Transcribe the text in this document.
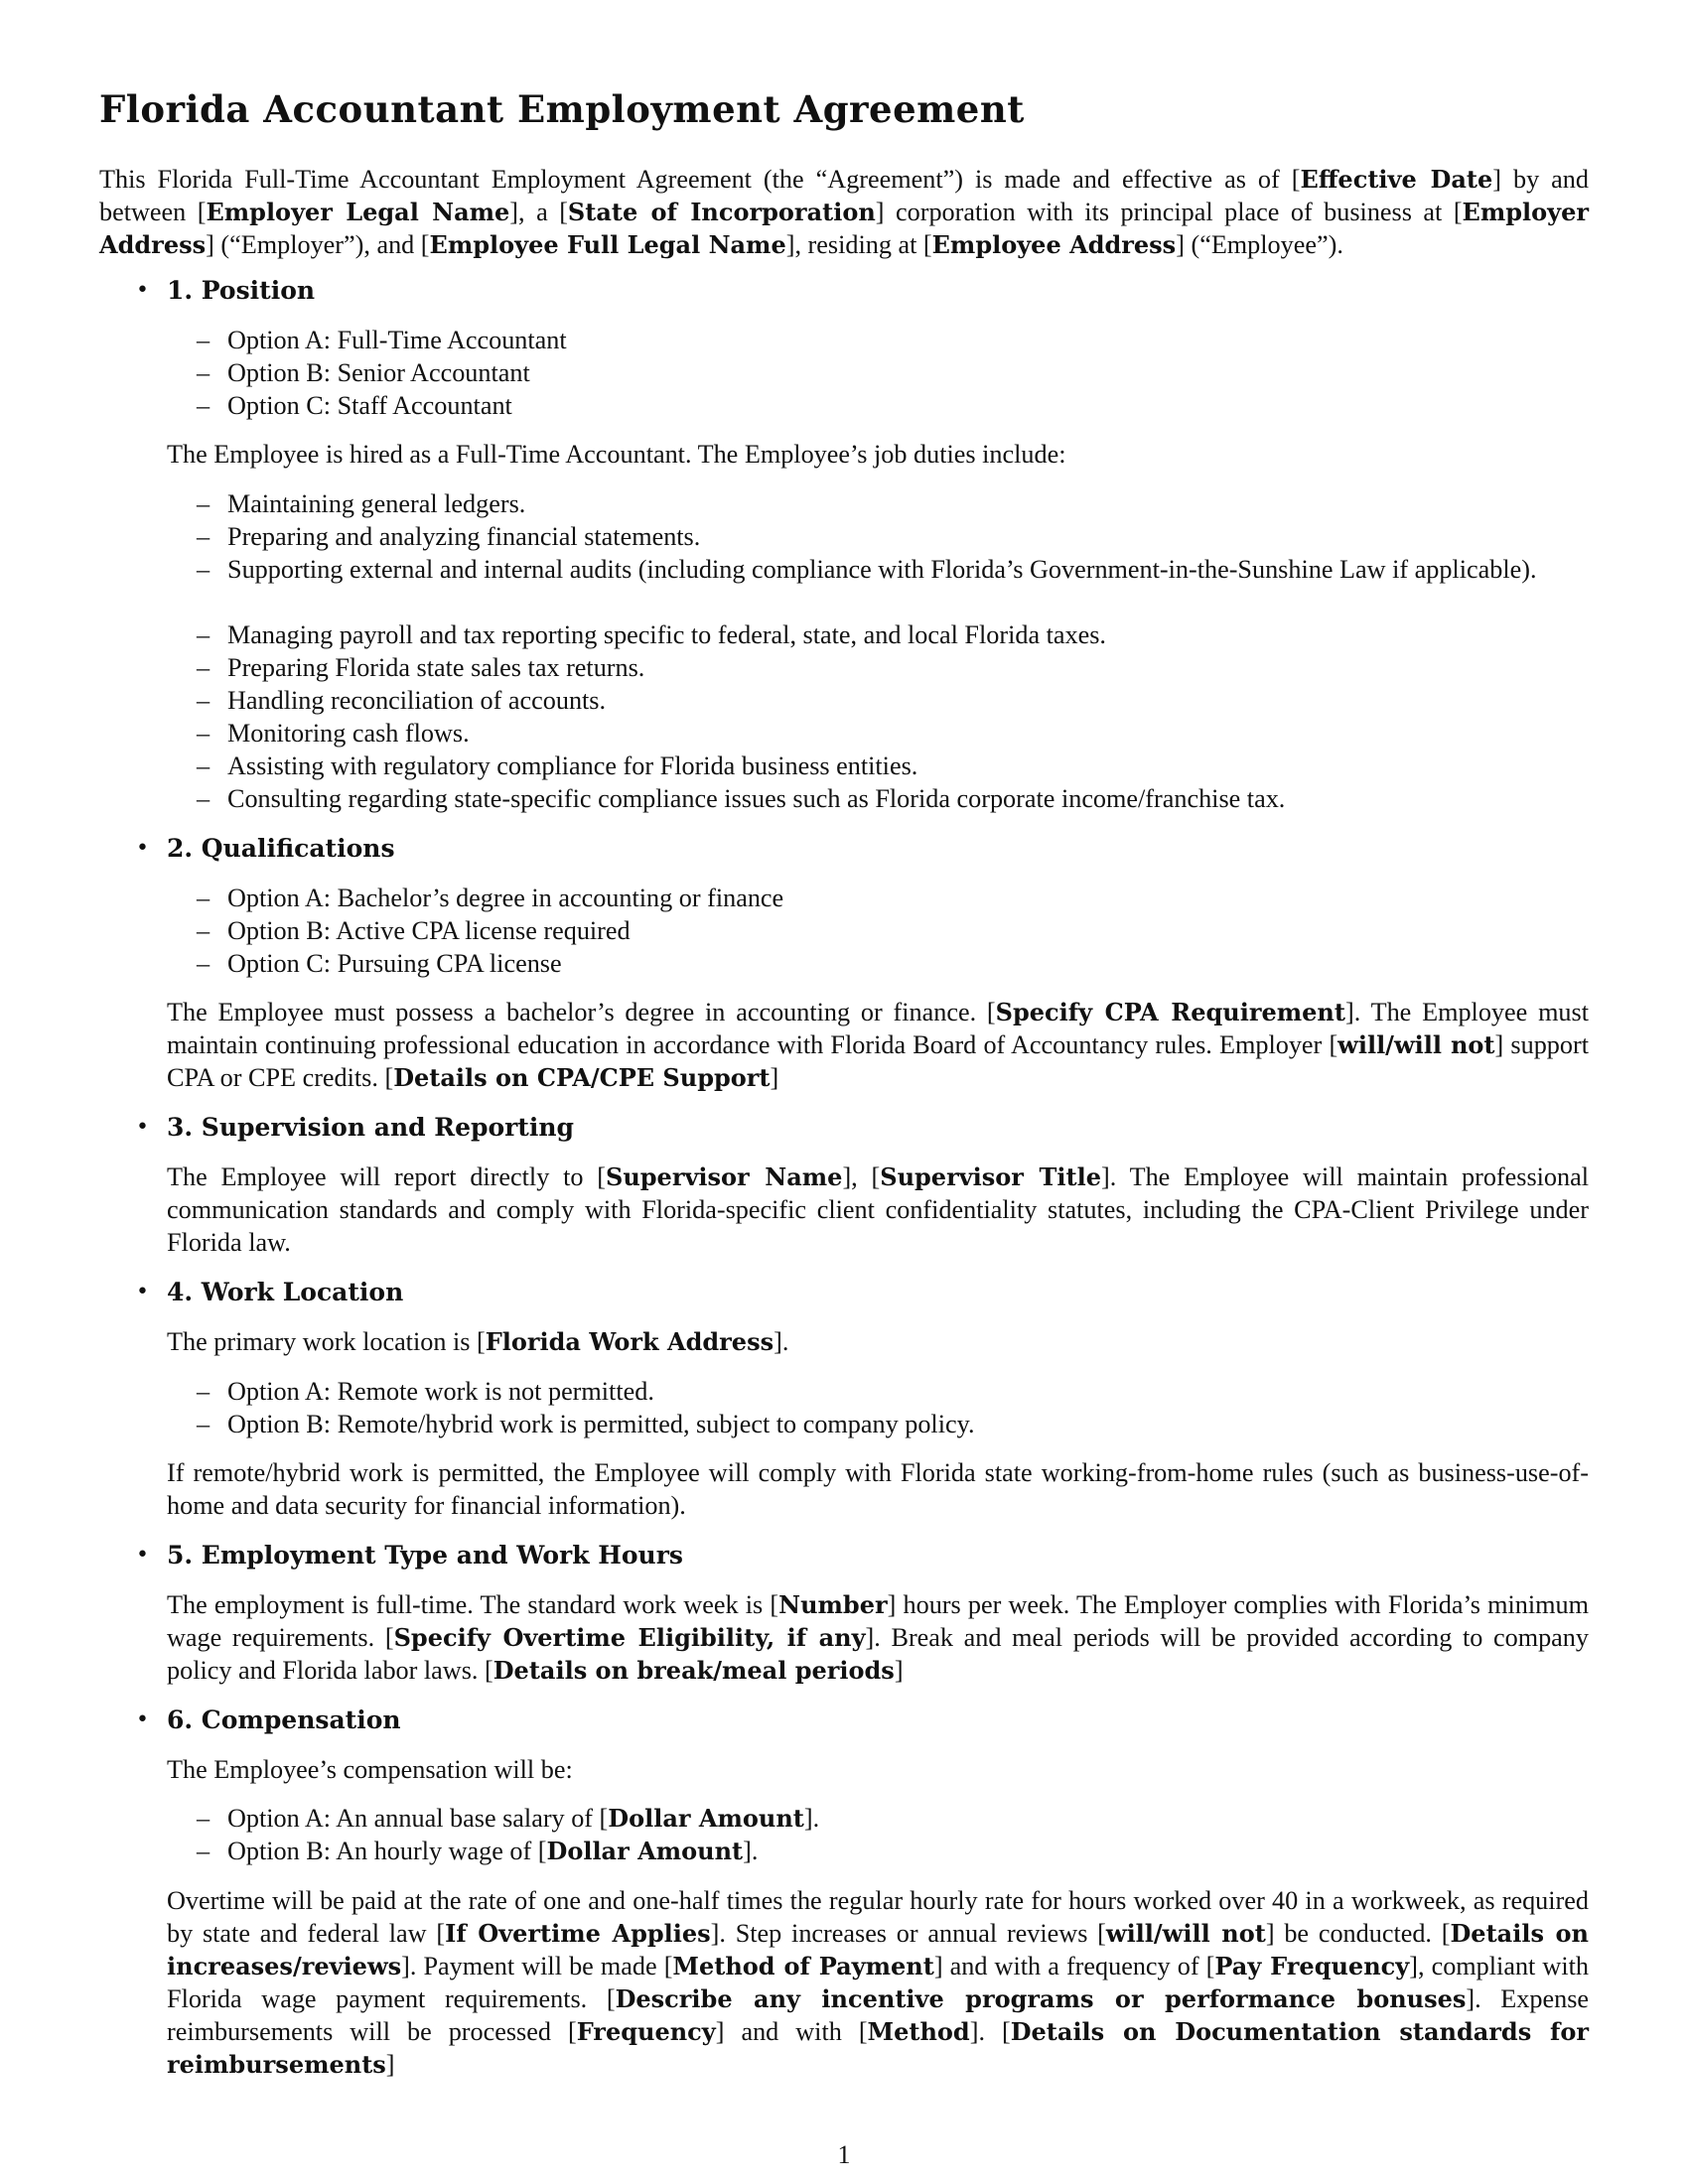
Florida Accountant Employment Agreement

This Florida Full-Time Accountant Employment Agreement (the “Agreement”) is made and effective as of [Effective Date] by and between [Employer Legal Name], a [State of Incorporation] corporation with its principal place of business at [Employer Address] (“Employer”), and [Employee Full Legal Name], residing at [Employee Address] (“Employee”).

• 1. Position
– Option A: Full-Time Accountant
– Option B: Senior Accountant
– Option C: Staff Accountant

The Employee is hired as a Full-Time Accountant. The Employee’s job duties include:

– Maintaining general ledgers.
– Preparing and analyzing financial statements.
– Supporting external and internal audits (including compliance with Florida’s Government-in-the-Sunshine Law if applicable).
– Managing payroll and tax reporting specific to federal, state, and local Florida taxes.
– Preparing Florida state sales tax returns.
– Handling reconciliation of accounts.
– Monitoring cash flows.
– Assisting with regulatory compliance for Florida business entities.
– Consulting regarding state-specific compliance issues such as Florida corporate income/franchise tax.
• 2. Qualifications
– Option A: Bachelor’s degree in accounting or finance
– Option B: Active CPA license required
– Option C: Pursuing CPA license

The Employee must possess a bachelor’s degree in accounting or finance. [Specify CPA Requirement]. The Employee must maintain continuing professional education in accordance with Florida Board of Accountancy rules. Employer [will/will not] support CPA or CPE credits. [Details on CPA/CPE Support]

• 3. Supervision and Reporting

The Employee will report directly to [Supervisor Name], [Supervisor Title]. The Employee will maintain professional communication standards and comply with Florida-specific client confidentiality statutes, including the CPA-Client Privilege under Florida law.

• 4. Work Location

The primary work location is [Florida Work Address].

– Option A: Remote work is not permitted.
– Option B: Remote/hybrid work is permitted, subject to company policy.

If remote/hybrid work is permitted, the Employee will comply with Florida state working-from-home rules (such as business-use-of-home and data security for financial information).

• 5. Employment Type and Work Hours

The employment is full-time. The standard work week is [Number] hours per week. The Employer complies with Florida’s minimum wage requirements. [Specify Overtime Eligibility, if any]. Break and meal periods will be provided according to company policy and Florida labor laws. [Details on break/meal periods]

• 6. Compensation

The Employee’s compensation will be:

– Option A: An annual base salary of [Dollar Amount].
– Option B: An hourly wage of [Dollar Amount].

Overtime will be paid at the rate of one and one-half times the regular hourly rate for hours worked over 40 in a workweek, as required by state and federal law [If Overtime Applies]. Step increases or annual reviews [will/will not] be conducted. [Details on increases/reviews]. Payment will be made [Method of Payment] and with a frequency of [Pay Frequency], compliant with Florida wage payment requirements. [Describe any incentive programs or performance bonuses]. Expense reimbursements will be processed [Frequency] and with [Method]. [Details on Documentation standards for reimbursements]

1
